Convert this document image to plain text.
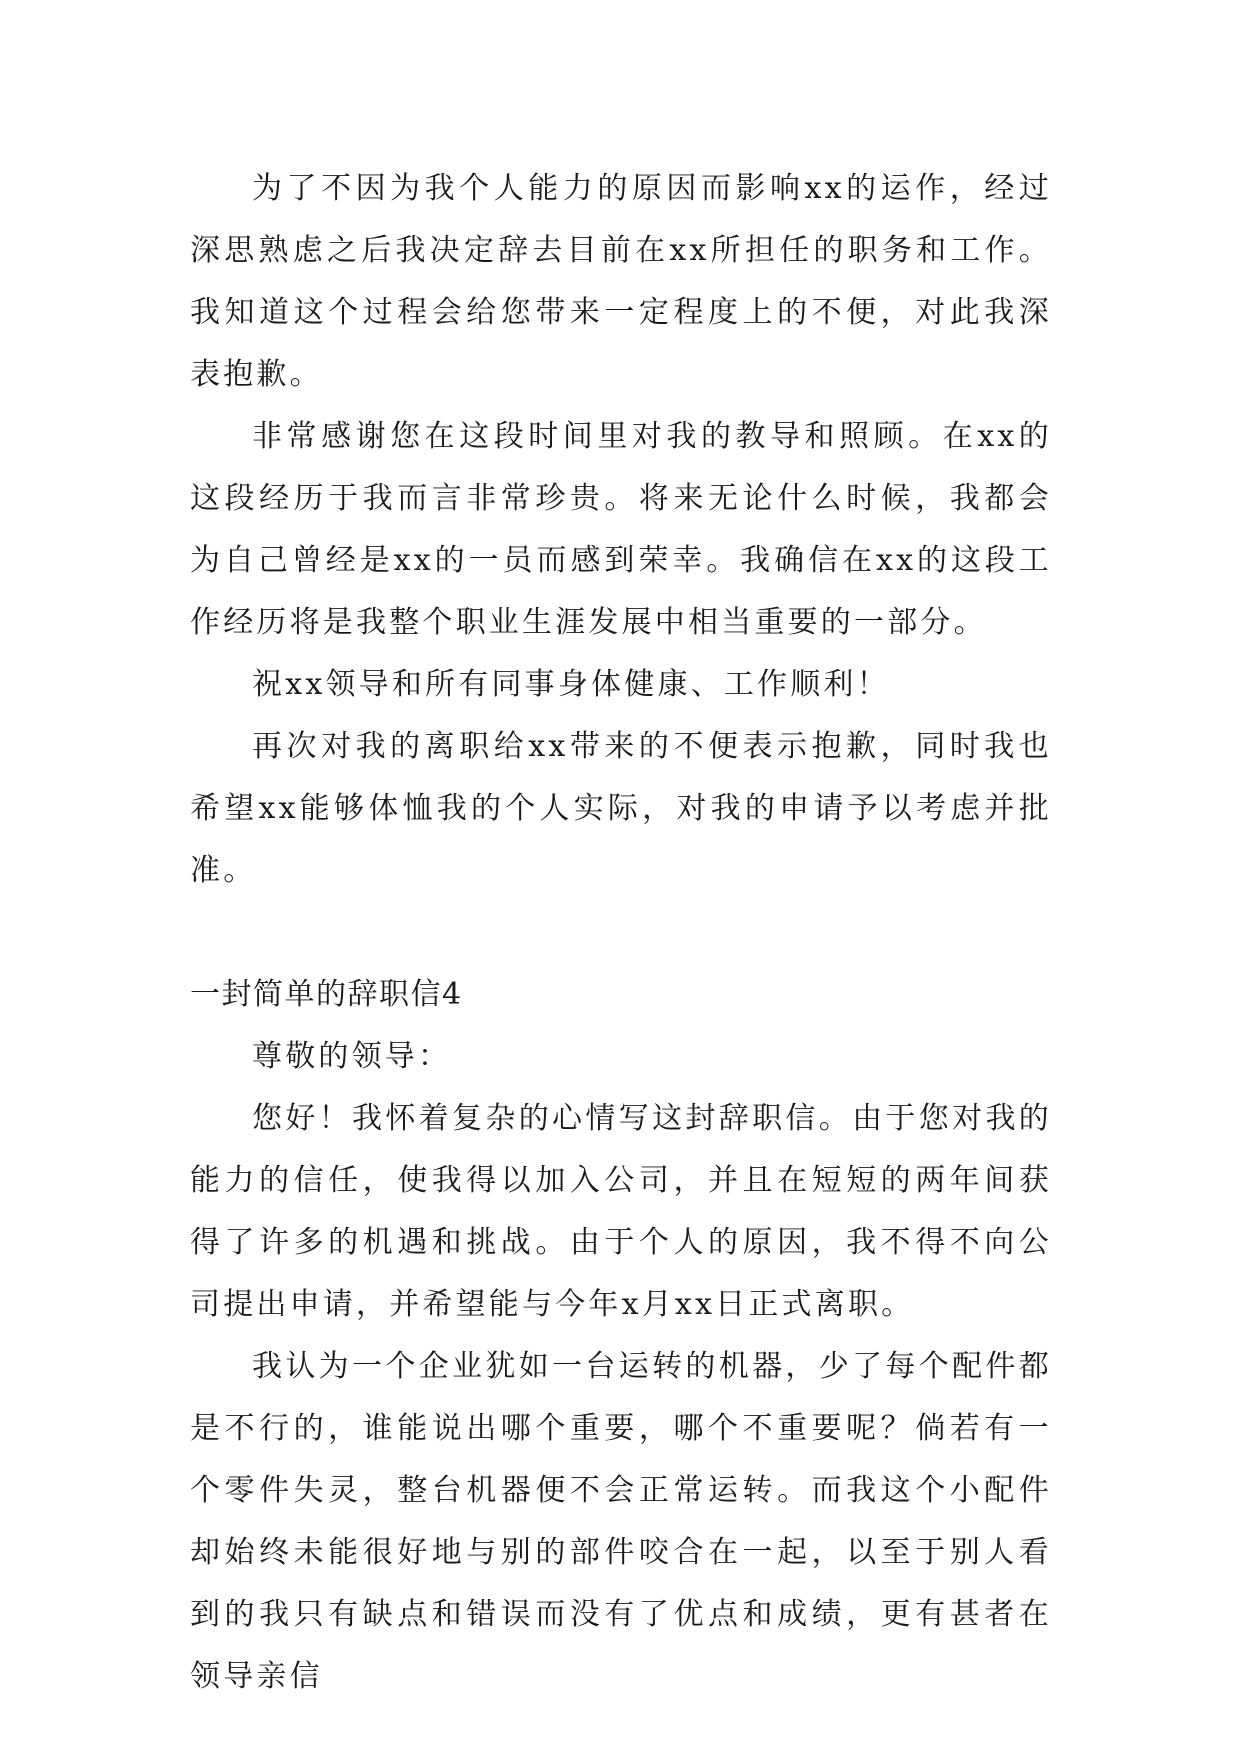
为了不因为我个人能力的原因而影响xx的运作，经过深思熟虑之后我决定辞去目前在xx所担任的职务和工作。我知道这个过程会给您带来一定程度上的不便，对此我深表抱歉。

非常感谢您在这段时间里对我的教导和照顾。在xx的这段经历于我而言非常珍贵。将来无论什么时候，我都会为自己曾经是xx的一员而感到荣幸。我确信在xx的这段工作经历将是我整个职业生涯发展中相当重要的一部分。

祝xx领导和所有同事身体健康、工作顺利！

再次对我的离职给xx带来的不便表示抱歉，同时我也希望xx能够体恤我的个人实际，对我的申请予以考虑并批准。

一封简单的辞职信4

尊敬的领导：

您好！我怀着复杂的心情写这封辞职信。由于您对我的能力的信任，使我得以加入公司，并且在短短的两年间获得了许多的机遇和挑战。由于个人的原因，我不得不向公司提出申请，并希望能与今年x月xx日正式离职。

我认为一个企业犹如一台运转的机器，少了每个配件都是不行的，谁能说出哪个重要，哪个不重要呢？倘若有一个零件失灵，整台机器便不会正常运转。而我这个小配件却始终未能很好地与别的部件咬合在一起，以至于别人看到的我只有缺点和错误而没有了优点和成绩，更有甚者在领导亲信
